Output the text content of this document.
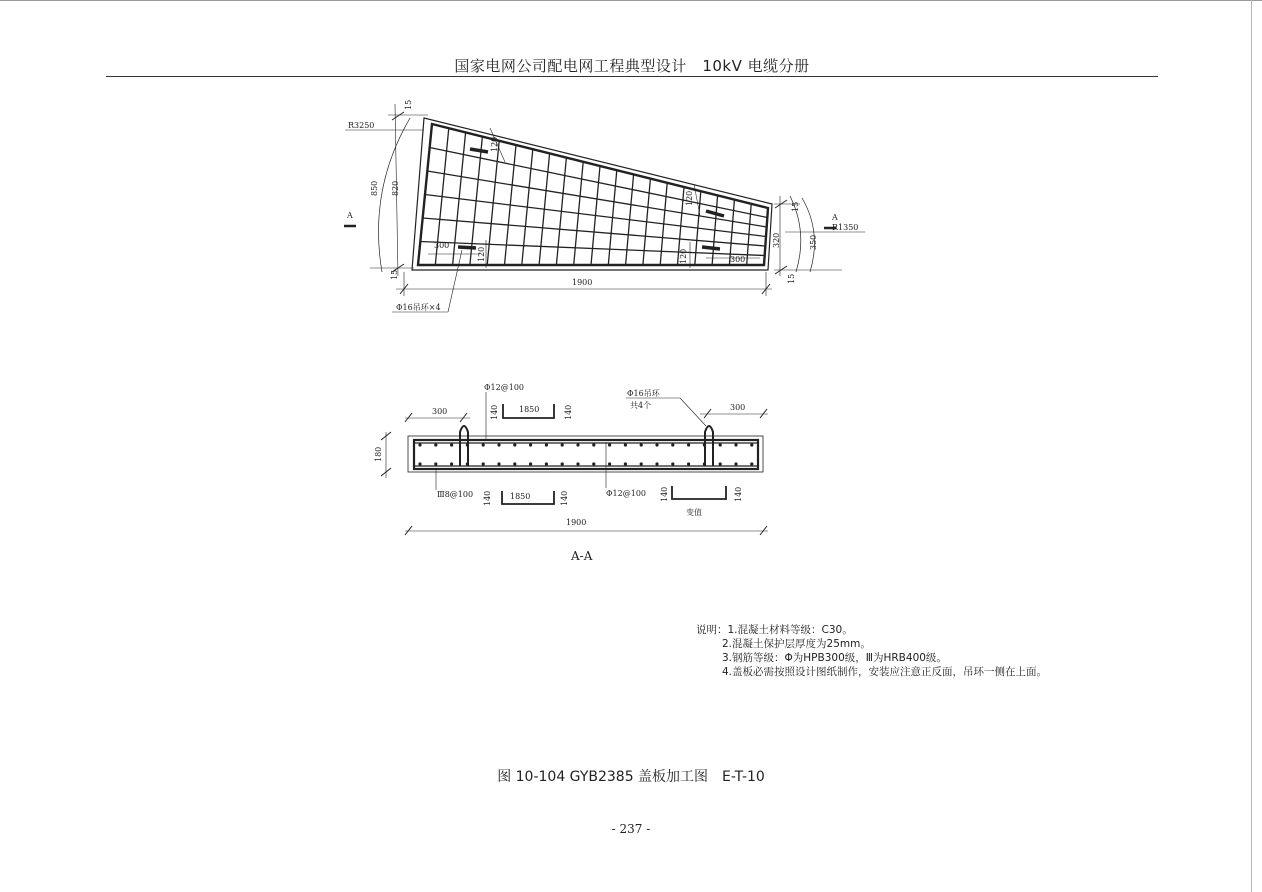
国家电网公司配电网工程典型设计　10kV 电缆分册
R3250
R1350
850 820
15
15
15
15
350
320
1900
120
120
120
120
300
300
A	A
Φ16吊环×4
300	300
180
1900
Φ12@100
Φ16吊环
共4个
Ⅲ8@100	Φ12@100
1850
140	140
1850
140	140
变值
140	140
A-A
说明：1.混凝土材料等级：C30。
2.混凝土保护层厚度为25mm。
3.钢筋等级：Φ为HPB300级，Ⅲ为HRB400级。
4.盖板必需按照设计图纸制作，安装应注意正反面，吊环一侧在上面。
图 10-104 GYB2385 盖板加工图　E-T-10
- 237 -
